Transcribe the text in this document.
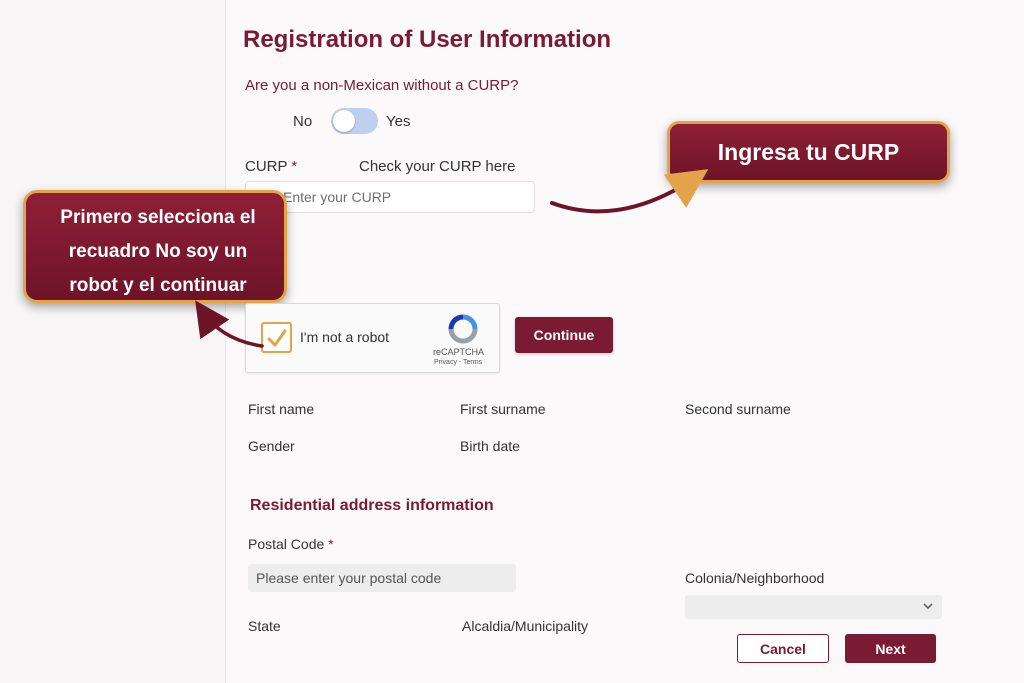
Registration of User Information
Are you a non-Mexican without a CURP?
No	Yes
CURP *	Check your CURP here
Enter your CURP
Ingresa tu CURP
Primero selecciona el
recuadro No soy un
robot y el continuar
I'm not a robot
reCAPTCHA
Privacy - Terms
Continue
First name	First surname	Second surname
Gender	Birth date
Residential address information
Postal Code *
Please enter your postal code
Colonia/Neighborhood
State	Alcaldia/Municipality
Cancel	Next
